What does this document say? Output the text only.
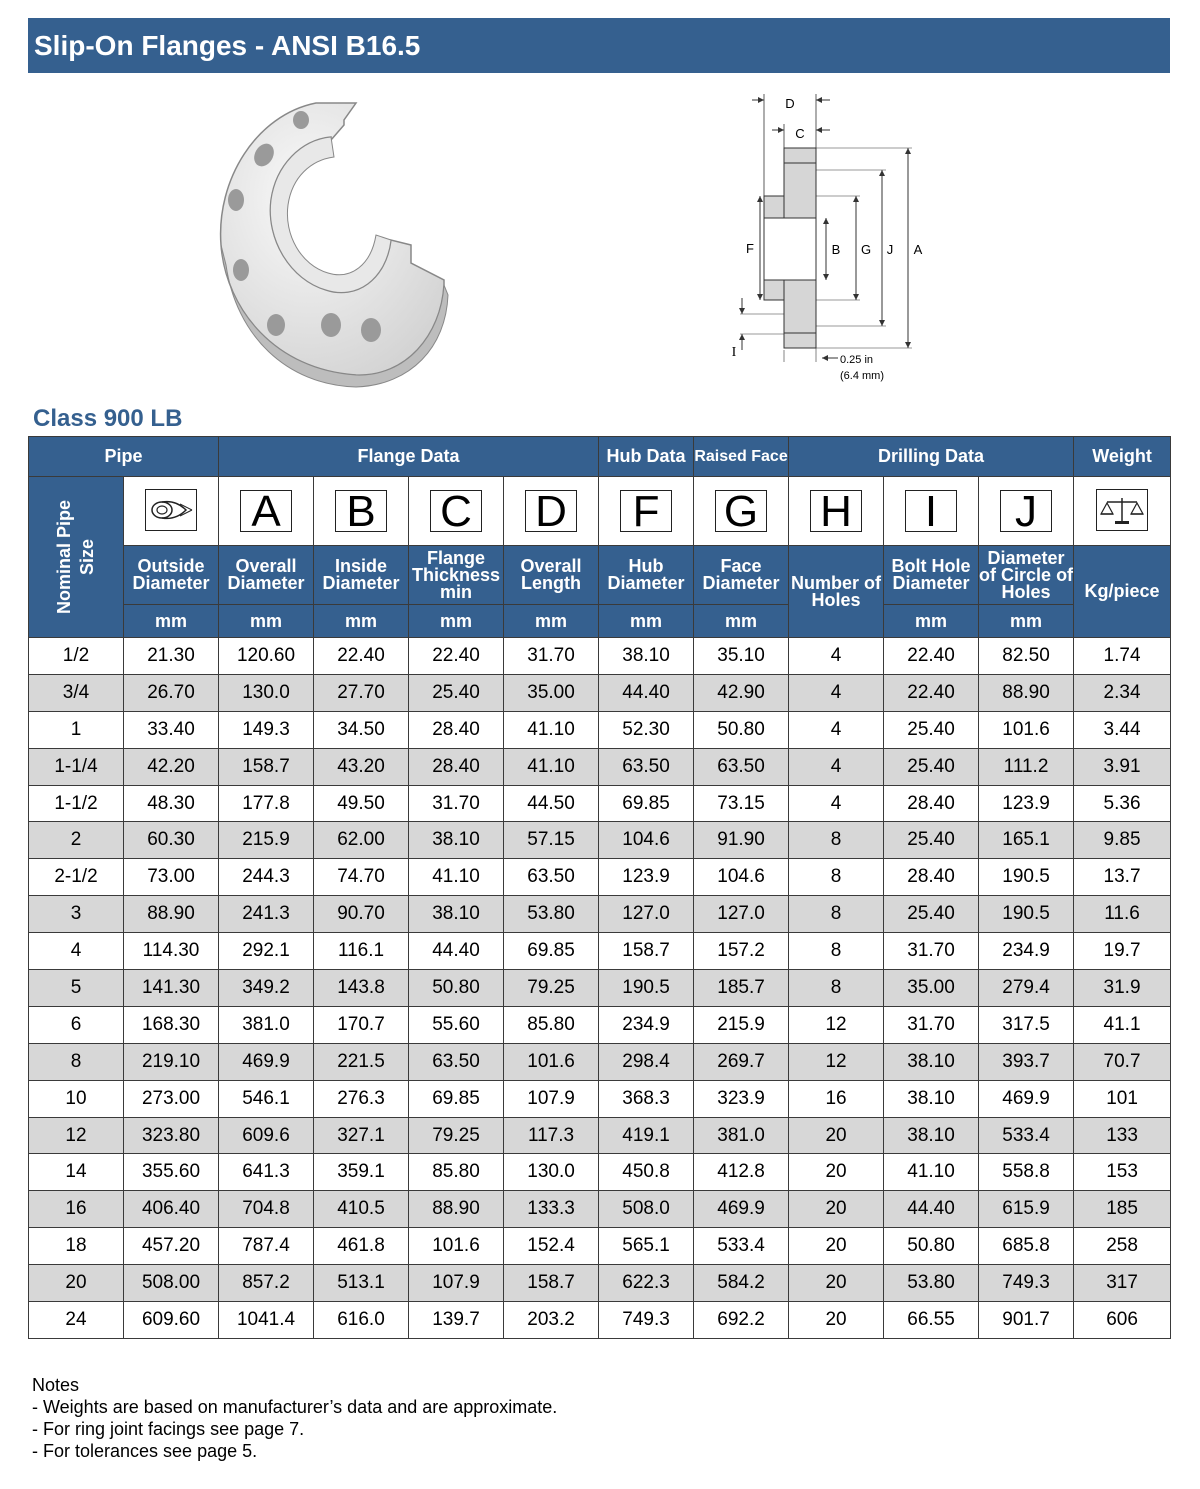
Slip-On Flanges - ANSI B16.5
D
C
F	B G J A
I	0.25 in
(6.4 mm)
Class 900 LB
Pipe		Flange Data				Hub Data	Raised Face	Drilling Data			Weight

Nominal Pipe Size		A	B	C	D	F	G	H	I	J	
	Outside Diameter	Overall Diameter	Inside Diameter	Flange Thickness min	Overall Length	Hub Diameter	Face Diameter	Number of Holes	Bolt Hole Diameter	Diameter of Circle of Holes	Kg/piece
	mm	mm	mm	mm	mm	mm	mm		mm	mm	
1/2	21.30	120.60	22.40	22.40	31.70	38.10	35.10	4	22.40	82.50	1.74
3/4	26.70	130.0	27.70	25.40	35.00	44.40	42.90	4	22.40	88.90	2.34
1	33.40	149.3	34.50	28.40	41.10	52.30	50.80	4	25.40	101.6	3.44
1-1/4	42.20	158.7	43.20	28.40	41.10	63.50	63.50	4	25.40	111.2	3.91
1-1/2	48.30	177.8	49.50	31.70	44.50	69.85	73.15	4	28.40	123.9	5.36
2	60.30	215.9	62.00	38.10	57.15	104.6	91.90	8	25.40	165.1	9.85
2-1/2	73.00	244.3	74.70	41.10	63.50	123.9	104.6	8	28.40	190.5	13.7
3	88.90	241.3	90.70	38.10	53.80	127.0	127.0	8	25.40	190.5	11.6
4	114.30	292.1	116.1	44.40	69.85	158.7	157.2	8	31.70	234.9	19.7
5	141.30	349.2	143.8	50.80	79.25	190.5	185.7	8	35.00	279.4	31.9
6	168.30	381.0	170.7	55.60	85.80	234.9	215.9	12	31.70	317.5	41.1
8	219.10	469.9	221.5	63.50	101.6	298.4	269.7	12	38.10	393.7	70.7
10	273.00	546.1	276.3	69.85	107.9	368.3	323.9	16	38.10	469.9	101
12	323.80	609.6	327.1	79.25	117.3	419.1	381.0	20	38.10	533.4	133
14	355.60	641.3	359.1	85.80	130.0	450.8	412.8	20	41.10	558.8	153
16	406.40	704.8	410.5	88.90	133.3	508.0	469.9	20	44.40	615.9	185
18	457.20	787.4	461.8	101.6	152.4	565.1	533.4	20	50.80	685.8	258
20	508.00	857.2	513.1	107.9	158.7	622.3	584.2	20	53.80	749.3	317
24	609.60	1041.4	616.0	139.7	203.2	749.3	692.2	20	66.55	901.7	606
Notes
- Weights are based on manufacturer’s data and are approximate.
- For ring joint facings see page 7.
- For tolerances see page 5.
